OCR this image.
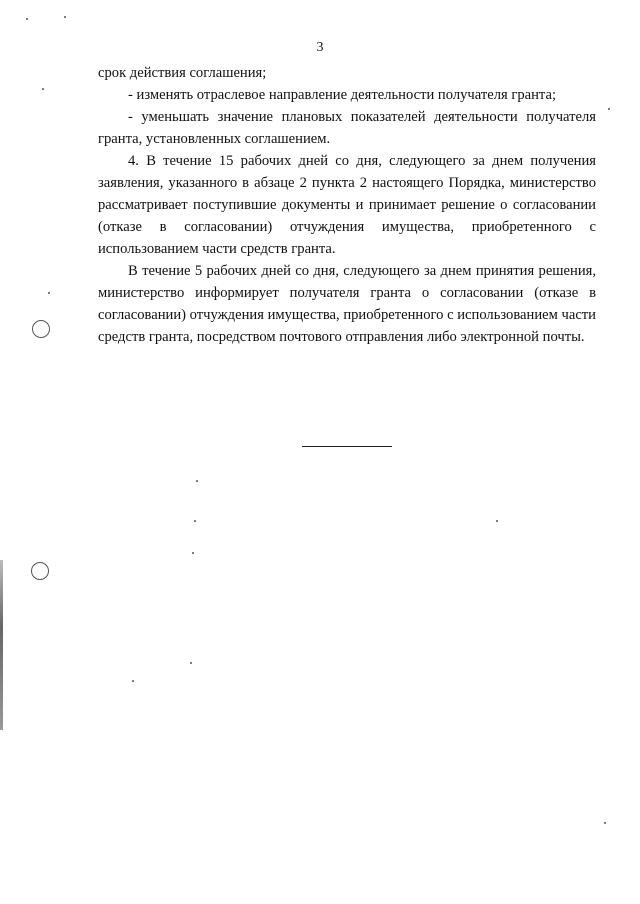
3

срок действия соглашения;

- изменять отраслевое направление деятельности получателя гранта;

- уменьшать значение плановых показателей деятельности получателя гранта, установленных соглашением.

4. В течение 15 рабочих дней со дня, следующего за днем получения заявления, указанного в абзаце 2 пункта 2 настоящего Порядка, министерство рассматривает поступившие документы и принимает решение о согласовании (отказе в согласовании) отчуждения имущества, приобретенного с использованием части средств гранта.

В течение 5 рабочих дней со дня, следующего за днем принятия решения, министерство информирует получателя гранта о согласовании (отказе в согласовании) отчуждения имущества, приобретенного с использованием части средств гранта, посредством почтового отправления либо электронной почты.
